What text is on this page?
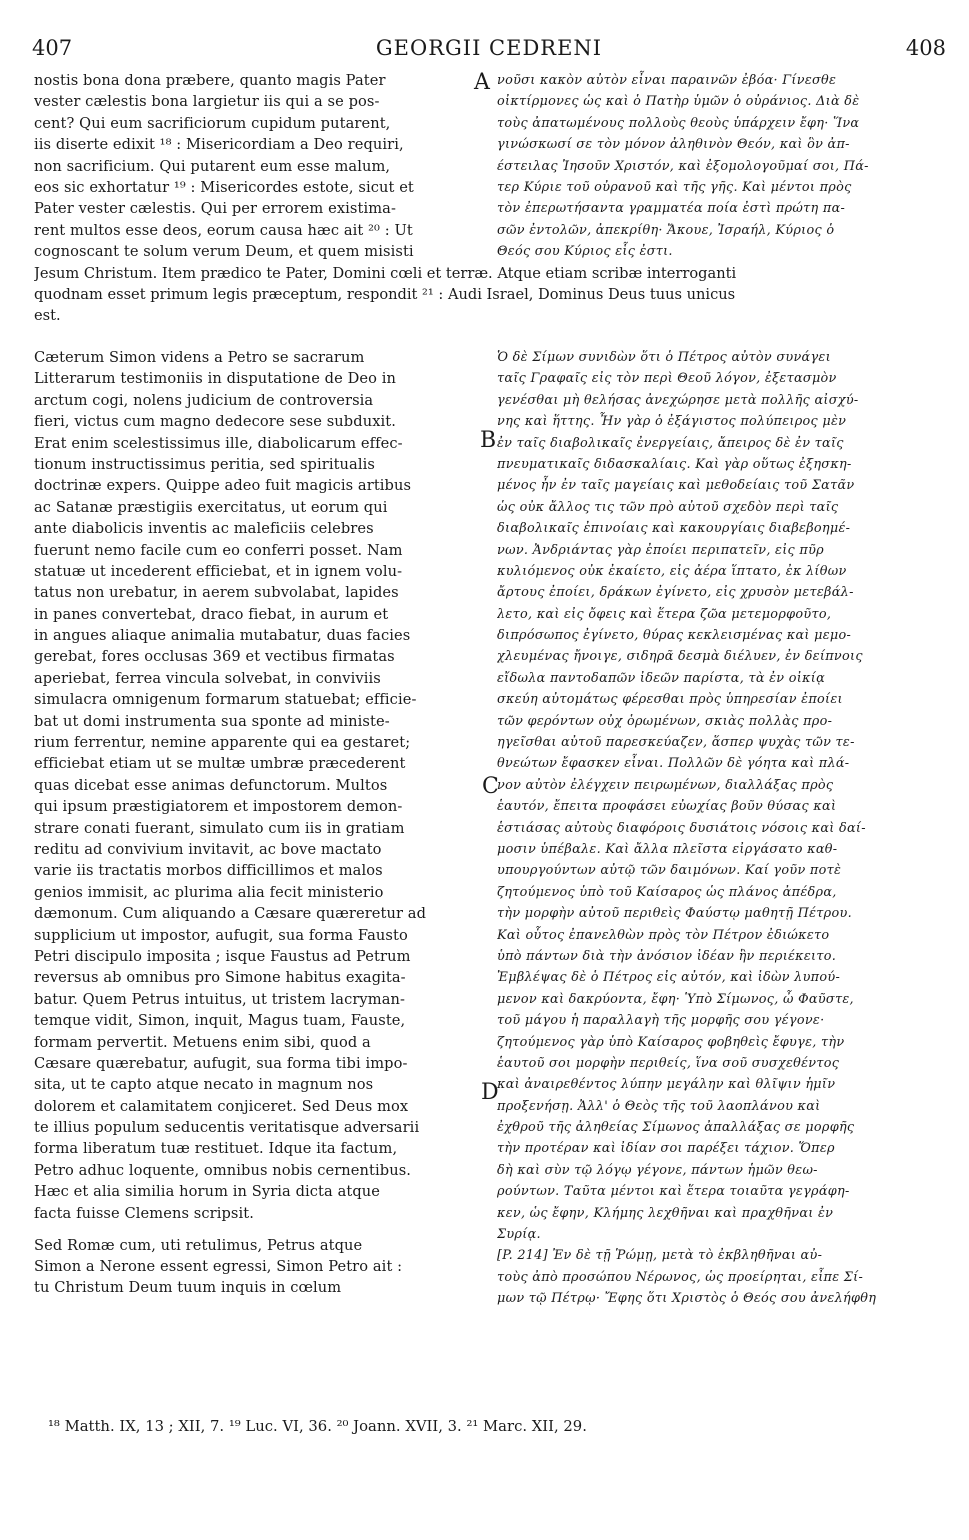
407	GEORGII CEDRENI	408
nostis bona dona præbere, quanto magis Pater
vester cælestis bona largietur iis qui a se pos-
cent? Qui eum sacrificiorum cupidum putarent,
iis diserte edixit ¹⁸ : Misericordiam a Deo requiri,
non sacrificium. Qui putarent eum esse malum,
eos sic exhortatur ¹⁹ : Misericordes estote, sicut et
Pater vester cælestis. Qui per errorem existima-
rent multos esse deos, eorum causa hæc ait ²⁰ : Ut
cognoscant te solum verum Deum, et quem misisti
νοῦσι κακὸν αὐτὸν εἶναι παραινῶν ἐβόα· Γίνεσθε
οἰκτίρμονες ὡς καὶ ὁ Πατὴρ ὑμῶν ὁ οὐράνιος. Διὰ δὲ
τοὺς ἀπατωμένους πολλοὺς θεοὺς ὑπάρχειν ἔφη· Ἵνα
γινώσκωσί σε τὸν μόνον ἀληθινὸν Θεόν, καὶ ὃν ἀπ-
έστειλας Ἰησοῦν Χριστόν, καὶ ἐξομολογοῦμαί σοι, Πά-
τερ Κύριε τοῦ οὐρανοῦ καὶ τῆς γῆς. Καὶ μέντοι πρὸς
τὸν ἐπερωτήσαντα γραμματέα ποία ἐστὶ πρώτη πα-
σῶν ἐντολῶν, ἀπεκρίθη· Ἄκουε, Ἰσραήλ, Κύριος ὁ
Θεός σου Κύριος εἷς ἐστι.
Jesum Christum. Item prædico te Pater, Domini cœli et terræ. Atque etiam scribæ interroganti
quodnam esset primum legis præceptum, respondit ²¹ : Audi Israel, Dominus Deus tuus unicus
est.
Cæterum Simon videns a Petro se sacrarum
Litterarum testimoniis in disputatione de Deo in
arctum cogi, nolens judicium de controversia
fieri, victus cum magno dedecore sese subduxit.
Erat enim scelestissimus ille, diabolicarum effec-
tionum instructissimus peritia, sed spiritualis
doctrinæ expers. Quippe adeo fuit magicis artibus
ac Satanæ præstigiis exercitatus, ut eorum qui
ante diabolicis inventis ac maleficiis celebres
fuerunt nemo facile cum eo conferri posset. Nam
statuæ ut incederent efficiebat, et in ignem volu-
tatus non urebatur, in aerem subvolabat, lapides
in panes convertebat, draco fiebat, in aurum et
in angues aliaque animalia mutabatur, duas facies
gerebat, fores occlusas 369 et vectibus firmatas
aperiebat, ferrea vincula solvebat, in conviviis
simulacra omnigenum formarum statuebat; efficie-
bat ut domi instrumenta sua sponte ad ministe-
rium ferrentur, nemine apparente qui ea gestaret;
efficiebat etiam ut se multæ umbræ præcederent
quas dicebat esse animas defunctorum. Multos
qui ipsum præstigiatorem et impostorem demon-
strare conati fuerant, simulato cum iis in gratiam
reditu ad convivium invitavit, ac bove mactato
varie iis tractatis morbos difficillimos et malos
genios immisit, ac plurima alia fecit ministerio
dæmonum. Cum aliquando a Cæsare quæreretur ad
supplicium ut impostor, aufugit, sua forma Fausto
Petri discipulo imposita ; isque Faustus ad Petrum
reversus ab omnibus pro Simone habitus exagita-
batur. Quem Petrus intuitus, ut tristem lacryman-
temque vidit, Simon, inquit, Magus tuam, Fauste,
formam pervertit. Metuens enim sibi, quod a
Cæsare quærebatur, aufugit, sua forma tibi impo-
sita, ut te capto atque necato in magnum nos
dolorem et calamitatem conjiceret. Sed Deus mox
te illius populum seducentis veritatisque adversarii
forma liberatum tuæ restituet. Idque ita factum,
Petro adhuc loquente, omnibus nobis cernentibus.
Hæc et alia similia horum in Syria dicta atque
facta fuisse Clemens scripsit.
Sed Romæ cum, uti retulimus, Petrus atque
Simon a Nerone essent egressi, Simon Petro ait :
tu Christum Deum tuum inquis in cœlum
Ὁ δὲ Σίμων συνιδὼν ὅτι ὁ Πέτρος αὐτὸν συνάγει
ταῖς Γραφαῖς εἰς τὸν περὶ Θεοῦ λόγον, ἐξετασμὸν
γενέσθαι μὴ θελήσας ἀνεχώρησε μετὰ πολλῆς αἰσχύ-
νης καὶ ἥττης. Ἦν γὰρ ὁ ἐξάγιστος πολύπειρος μὲν
ἐν ταῖς διαβολικαῖς ἐνεργείαις, ἄπειρος δὲ ἐν ταῖς
πνευματικαῖς διδασκαλίαις. Καὶ γὰρ οὕτως ἐξησκη-
μένος ἦν ἐν ταῖς μαγείαις καὶ μεθοδείαις τοῦ Σατᾶν
ὡς οὐκ ἄλλος τις τῶν πρὸ αὐτοῦ σχεδὸν περὶ ταῖς
διαβολικαῖς ἐπινοίαις καὶ κακουργίαις διαβεβοημέ-
νων. Ἀνδριάντας γὰρ ἐποίει περιπατεῖν, εἰς πῦρ
κυλιόμενος οὐκ ἐκαίετο, εἰς ἀέρα ἵπτατο, ἐκ λίθων
ἄρτους ἐποίει, δράκων ἐγίνετο, εἰς χρυσὸν μετεβάλ-
λετο, καὶ εἰς ὄφεις καὶ ἕτερα ζῶα μετεμορφοῦτο,
διπρόσωπος ἐγίνετο, θύρας κεκλεισμένας καὶ μεμο-
χλευμένας ἤνοιγε, σιδηρᾶ δεσμὰ διέλυεν, ἐν δείπνοις
εἴδωλα παντοδαπῶν ἰδεῶν παρίστα, τὰ ἐν οἰκίᾳ
σκεύη αὐτομάτως φέρεσθαι πρὸς ὑπηρεσίαν ἐποίει
τῶν φερόντων οὐχ ὁρωμένων, σκιὰς πολλὰς προ-
ηγεῖσθαι αὐτοῦ παρεσκεύαζεν, ἅσπερ ψυχὰς τῶν τε-
θνεώτων ἔφασκεν εἶναι. Πολλῶν δὲ γόητα καὶ πλά-
νον αὐτὸν ἐλέγχειν πειρωμένων, διαλλάξας πρὸς
ἑαυτόν, ἔπειτα προφάσει εὐωχίας βοῦν θύσας καὶ
ἑστιάσας αὐτοὺς διαφόροις δυσιάτοις νόσοις καὶ δαί-
μοσιν ὑπέβαλε. Καὶ ἄλλα πλεῖστα εἰργάσατο καθ-
υπουργούντων αὐτῷ τῶν δαιμόνων. Καί γοῦν ποτὲ
ζητούμενος ὑπὸ τοῦ Καίσαρος ὡς πλάνος ἀπέδρα,
τὴν μορφὴν αὐτοῦ περιθεὶς Φαύστῳ μαθητῇ Πέτρου.
Καὶ οὗτος ἐπανελθὼν πρὸς τὸν Πέτρον ἐδιώκετο
ὑπὸ πάντων διὰ τὴν ἀνόσιον ἰδέαν ἣν περιέκειτο.
Ἐμβλέψας δὲ ὁ Πέτρος εἰς αὐτόν, καὶ ἰδὼν λυπού-
μενον καὶ δακρύοντα, ἔφη· Ὑπὸ Σίμωνος, ὦ Φαῦστε,
τοῦ μάγου ἡ παραλλαγὴ τῆς μορφῆς σου γέγονε·
ζητούμενος γὰρ ὑπὸ Καίσαρος φοβηθεὶς ἔφυγε, τὴν
ἑαυτοῦ σοι μορφὴν περιθείς, ἵνα σοῦ συσχεθέντος
καὶ ἀναιρεθέντος λύπην μεγάλην καὶ θλῖψιν ἡμῖν
προξενήσῃ. Ἀλλ' ὁ Θεὸς τῆς τοῦ λαοπλάνου καὶ
ἐχθροῦ τῆς ἀληθείας Σίμωνος ἀπαλλάξας σε μορφῆς
τὴν προτέραν καὶ ἰδίαν σοι παρέξει τάχιον. Ὅπερ
δὴ καὶ σὺν τῷ λόγῳ γέγονε, πάντων ἡμῶν θεω-
ρούντων. Ταῦτα μέντοι καὶ ἕτερα τοιαῦτα γεγράφη-
κεν, ὡς ἔφην, Κλήμης λεχθῆναι καὶ πραχθῆναι ἐν
Συρίᾳ.
[P. 214] Ἐν δὲ τῇ Ῥώμῃ, μετὰ τὸ ἐκβληθῆναι αὐ-
τοὺς ἀπὸ προσώπου Νέρωνος, ὡς προείρηται, εἶπε Σί-
μων τῷ Πέτρῳ· Ἔφης ὅτι Χριστὸς ὁ Θεός σου ἀνελήφθη
A
B
C
D
¹⁸ Matth. IX, 13 ; XII, 7. ¹⁹ Luc. VI, 36. ²⁰ Joann. XVII, 3. ²¹ Marc. XII, 29.
